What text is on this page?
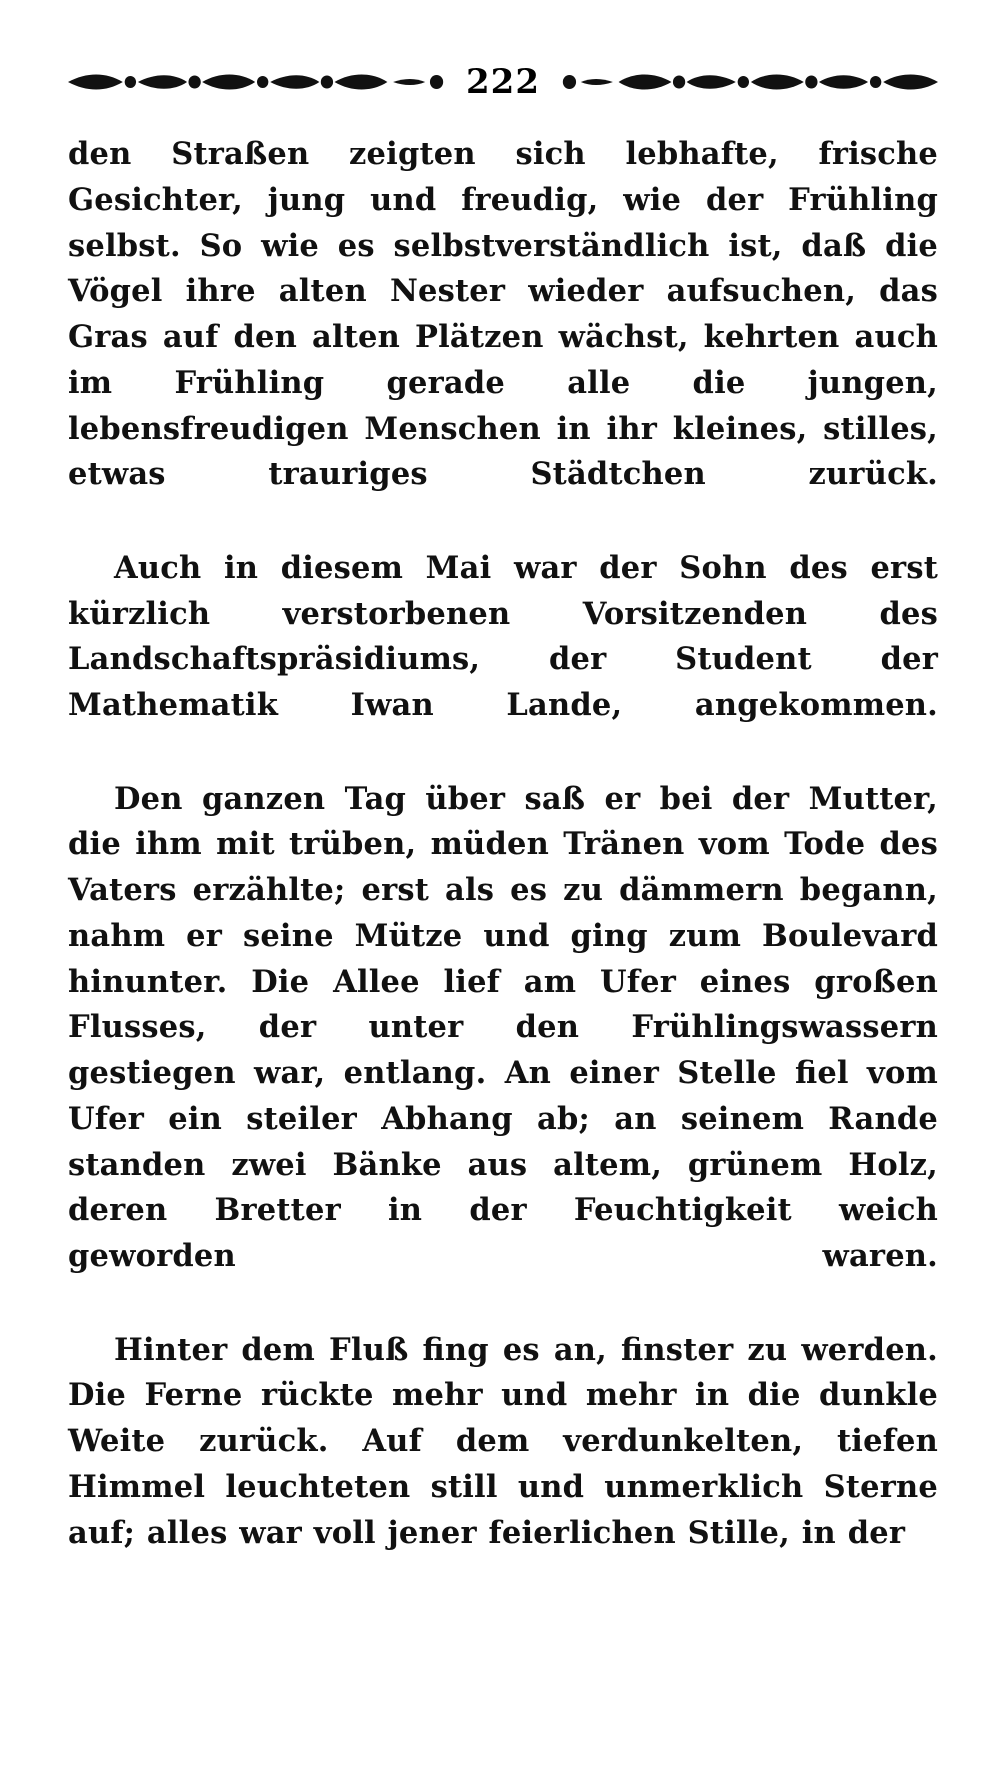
222

den Straßen zeigten sich lebhafte, frische Gesichter, jung und freudig, wie der Frühling selbst. So wie es selbstverständlich ist, daß die Vögel ihre alten Nester wieder aufsuchen, das Gras auf den alten Plätzen wächst, kehrten auch im Frühling gerade alle die jungen, lebensfreudigen Menschen in ihr kleines, stilles, etwas trauriges Städtchen zurück.

Auch in diesem Mai war der Sohn des erst kürzlich verstorbenen Vorsitzenden des Landschaftspräsidiums, der Student der Mathematik Iwan Lande, angekommen.

Den ganzen Tag über saß er bei der Mutter, die ihm mit trüben, müden Tränen vom Tode des Vaters erzählte; erst als es zu dämmern begann, nahm er seine Mütze und ging zum Boulevard hinunter. Die Allee lief am Ufer eines großen Flusses, der unter den Frühlingswassern gestiegen war, entlang. An einer Stelle fiel vom Ufer ein steiler Abhang ab; an seinem Rande standen zwei Bänke aus altem, grünem Holz, deren Bretter in der Feuchtigkeit weich geworden waren.

Hinter dem Fluß fing es an, finster zu werden. Die Ferne rückte mehr und mehr in die dunkle Weite zurück. Auf dem verdunkelten, tiefen Himmel leuchteten still und unmerklich Sterne auf; alles war voll jener feierlichen Stille, in der
